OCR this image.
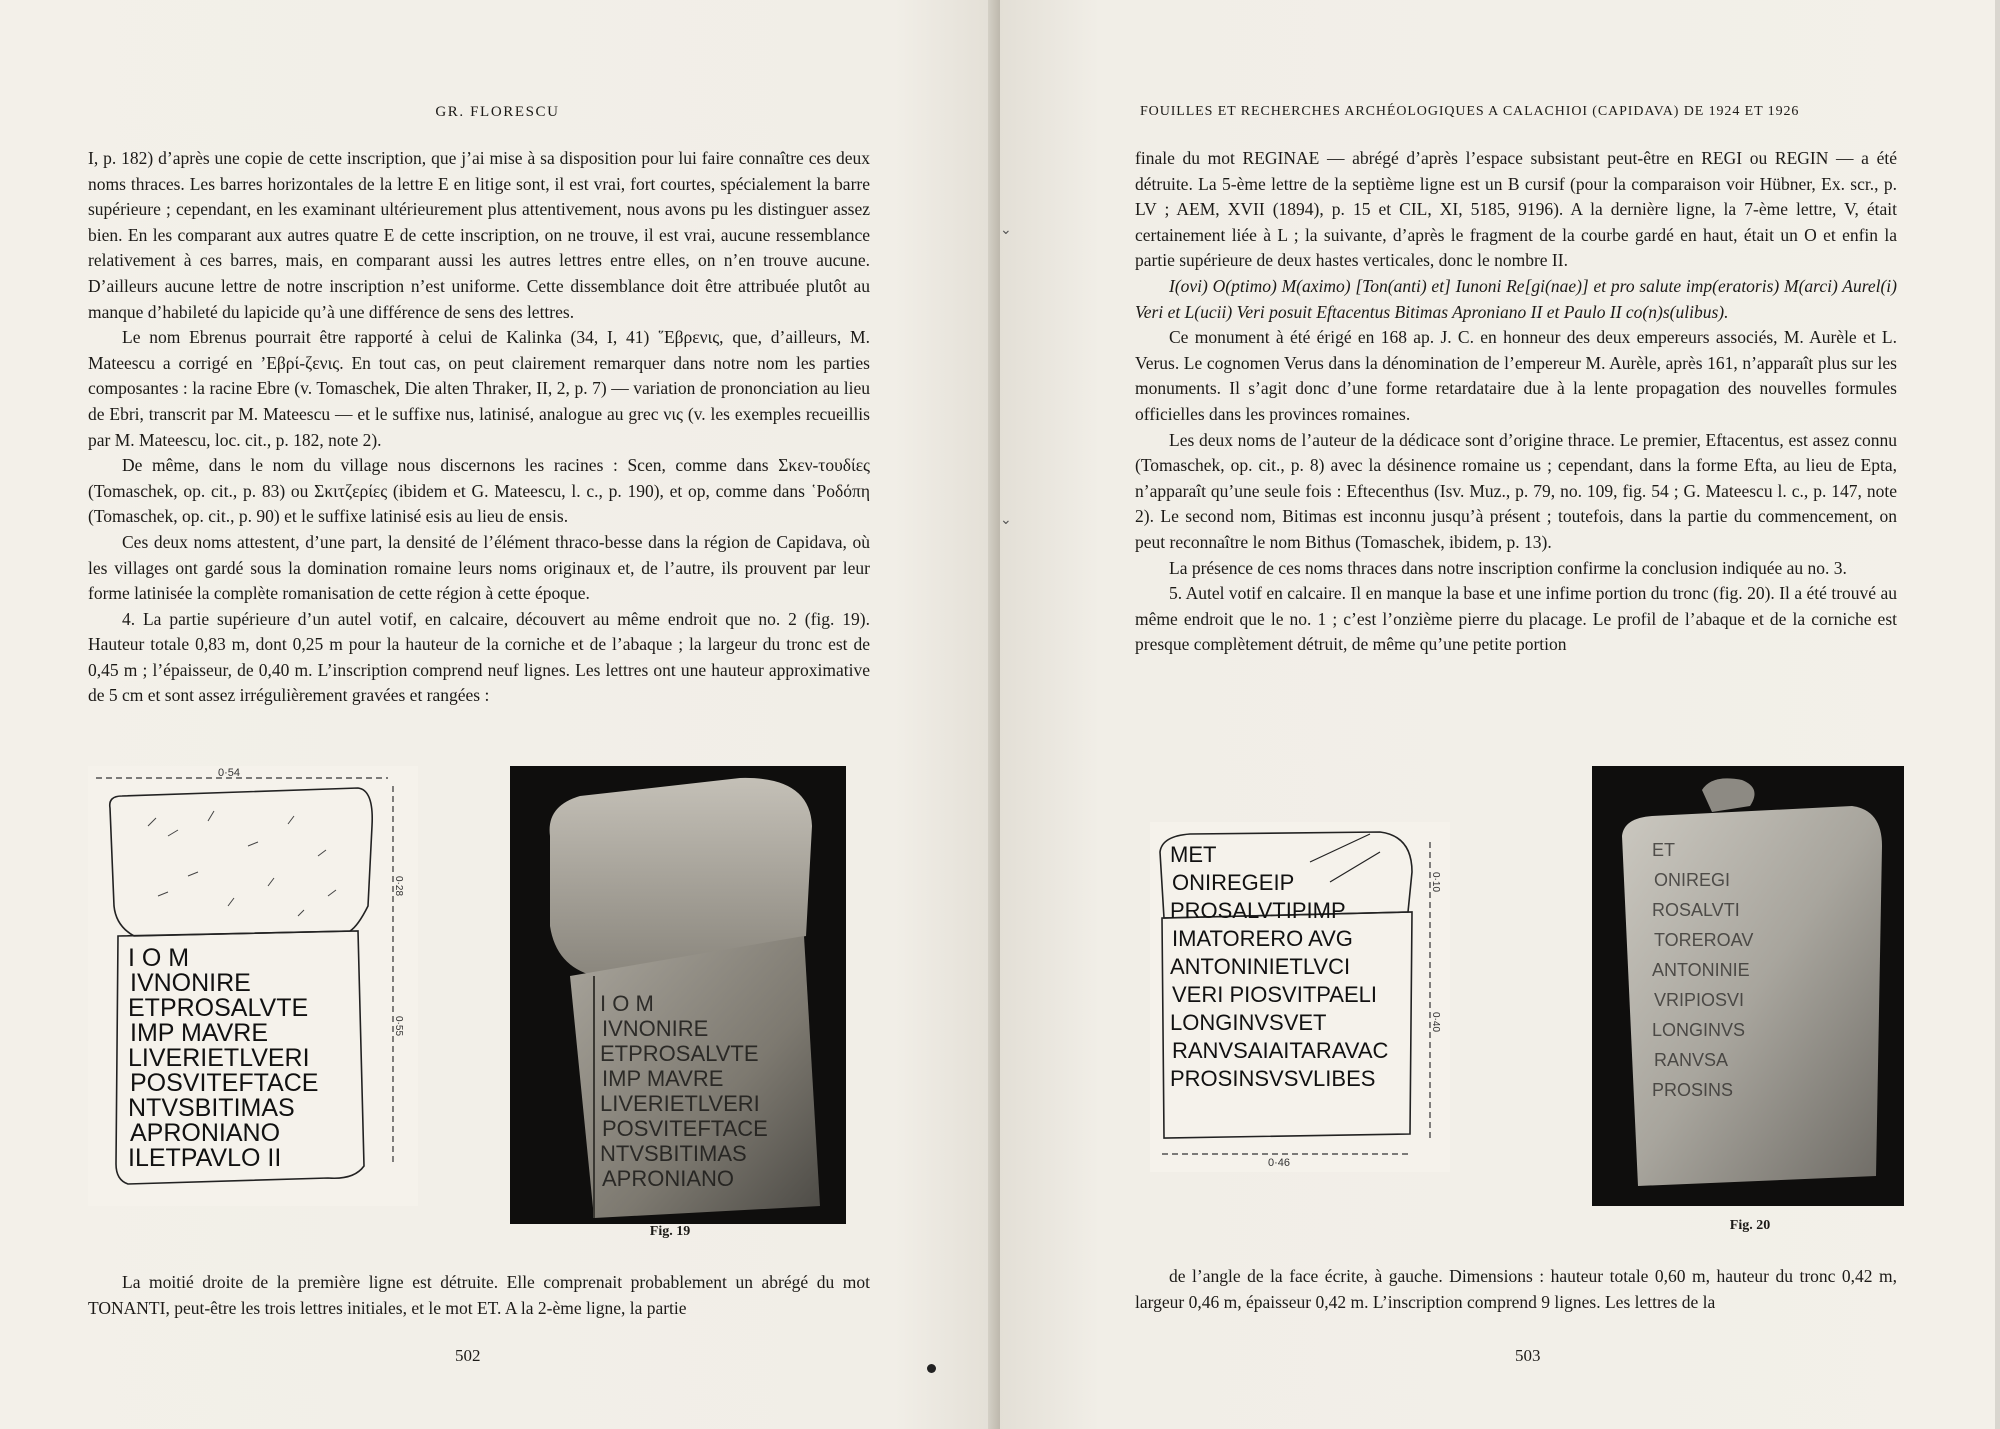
GR. FLORESCU

I, p. 182) d’après une copie de cette inscription, que j’ai mise à sa disposition pour lui faire connaître ces deux noms thraces. Les barres horizontales de la lettre E en litige sont, il est vrai, fort courtes, spécialement la barre supérieure ; cependant, en les examinant ultérieurement plus attentivement, nous avons pu les distinguer assez bien. En les comparant aux autres quatre E de cette inscription, on ne trouve, il est vrai, aucune ressemblance relativement à ces barres, mais, en comparant aussi les autres lettres entre elles, on n’en trouve aucune. D’ailleurs aucune lettre de notre inscription n’est uniforme. Cette dissemblance doit être attribuée plutôt au manque d’habileté du lapicide qu’à une différence de sens des lettres.

Le nom Ebrenus pourrait être rapporté à celui de Kalinka (34, I, 41) ῞Εβρενις, que, d’ailleurs, M. Mateescu a corrigé en ’Εβρί-ζενις. En tout cas, on peut clairement remarquer dans notre nom les parties composantes : la racine Ebre (v. Tomaschek, Die alten Thraker, II, 2, p. 7) — variation de prononciation au lieu de Ebri, transcrit par M. Mateescu — et le suffixe nus, latinisé, analogue au grec νις (v. les exemples recueillis par M. Mateescu, loc. cit., p. 182, note 2).

De même, dans le nom du village nous discernons les racines : Scen, comme dans Σκεν-τουδίες (Tomaschek, op. cit., p. 83) ou Σκιτζερίες (ibidem et G. Mateescu, l. c., p. 190), et op, comme dans ῾Ροδόπη (Tomaschek, op. cit., p. 90) et le suffixe latinisé esis au lieu de ensis.

Ces deux noms attestent, d’une part, la densité de l’élément thraco-besse dans la région de Capidava, où les villages ont gardé sous la domination romaine leurs noms originaux et, de l’autre, ils prouvent par leur forme latinisée la complète romanisation de cette région à cette époque.

4. La partie supérieure d’un autel votif, en calcaire, découvert au même endroit que no. 2 (fig. 19). Hauteur totale 0,83 m, dont 0,25 m pour la hauteur de la corniche et de l’abaque ; la largeur du tronc est de 0,45 m ; l’épaisseur, de 0,40 m. L’inscription comprend neuf lignes. Les lettres ont une hauteur approximative de 5 cm et sont assez irrégulièrement gravées et rangées :

0·54
0·28
0·55
I O M
IVNONIRE
ETPROSALVTE
IMP MAVRE
LIVERIETLVERI
POSVITEFTACE
NTVSBITIMAS
APRONIANO
ILETPAVLO II
I O M
IVNONIRE
ETPROSALVTE
IMP MAVRE
LIVERIETLVERI
POSVITEFTACE
NTVSBITIMAS
APRONIANO
Fig. 19

La moitié droite de la première ligne est détruite. Elle comprenait probablement un abrégé du mot TONANTI, peut-être les trois lettres initiales, et le mot ET. A la 2-ème ligne, la partie

502
FOUILLES ET RECHERCHES ARCHÉOLOGIQUES A CALACHIOI (CAPIDAVA) DE 1924 ET 1926

finale du mot REGINAE — abrégé d’après l’espace subsistant peut-être en REGI ou REGIN — a été détruite. La 5-ème lettre de la septième ligne est un B cursif (pour la comparaison voir Hübner, Ex. scr., p. LV ; AEM, XVII (1894), p. 15 et CIL, XI, 5185, 9196). A la dernière ligne, la 7-ème lettre, V, était certainement liée à L ; la suivante, d’après le fragment de la courbe gardé en haut, était un O et enfin la partie supérieure de deux hastes verticales, donc le nombre II.

I(ovi) O(ptimo) M(aximo) [Ton(anti) et] Iunoni Re[gi(nae)] et pro salute imp(eratoris) M(arci) Aurel(i) Veri et L(ucii) Veri posuit Eftacentus Bitimas Aproniano II et Paulo II co(n)s(ulibus).

Ce monument à été érigé en 168 ap. J. C. en honneur des deux empereurs associés, M. Aurèle et L. Verus. Le cognomen Verus dans la dénomination de l’empereur M. Aurèle, après 161, n’apparaît plus sur les monuments. Il s’agit donc d’une forme retardataire due à la lente propagation des nouvelles formules officielles dans les provinces romaines.

Les deux noms de l’auteur de la dédicace sont d’origine thrace. Le premier, Eftacentus, est assez connu (Tomaschek, op. cit., p. 8) avec la désinence romaine us ; cependant, dans la forme Efta, au lieu de Epta, n’apparaît qu’une seule fois : Eftecenthus (Isv. Muz., p. 79, no. 109, fig. 54 ; G. Mateescu l. c., p. 147, note 2). Le second nom, Bitimas est inconnu jusqu’à présent ; toutefois, dans la partie du commencement, on peut reconnaître le nom Bithus (Tomaschek, ibidem, p. 13).

La présence de ces noms thraces dans notre inscription confirme la conclusion indiquée au no. 3.

5. Autel votif en calcaire. Il en manque la base et une infime portion du tronc (fig. 20). Il a été trouvé au même endroit que le no. 1 ; c’est l’onzième pierre du placage. Le profil de l’abaque et de la corniche est presque complètement détruit, de même qu’une petite portion

0·10
0·40
0·46
MET
ONIREGEIP
PROSALVTIPIMP
IMATORERO AVG
ANTONINIETLVCI
VERI PIOSVITPAELI
LONGINVSVET
RANVSAIAITARAVAC
PROSINSVSVLIBES
ET
ONIREGI
ROSALVTI
TOREROAV
ANTONINIE
VRIPIOSVI
LONGINVS
RANVSA
PROSINS
Fig. 20

de l’angle de la face écrite, à gauche. Dimensions : hauteur totale 0,60 m, hauteur du tronc 0,42 m, largeur 0,46 m, épaisseur 0,42 m. L’inscription comprend 9 lignes. Les lettres de la

503
⌄
⌄
